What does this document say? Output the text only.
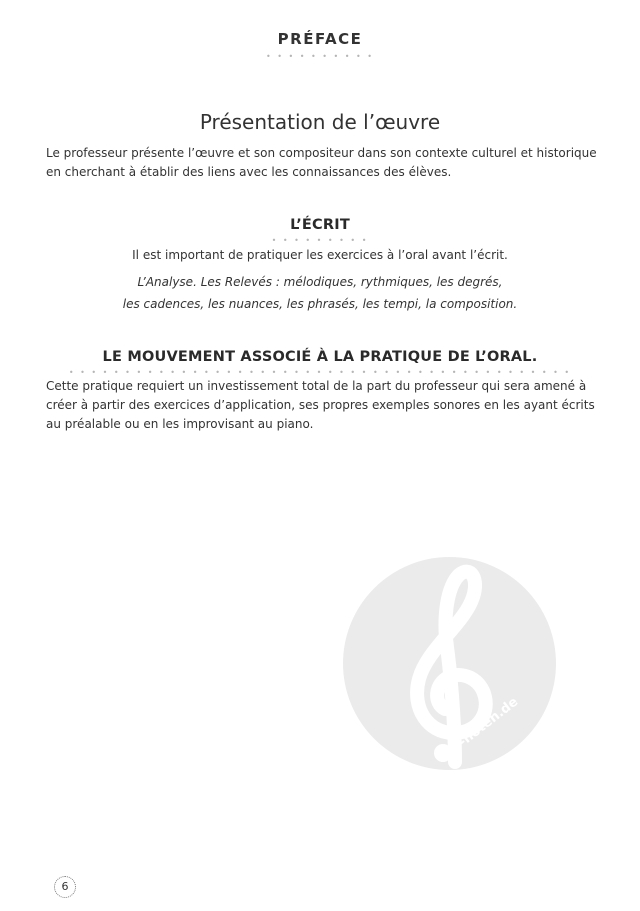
PRÉFACE
• • • • • • • • • •
Présentation de l’œuvre
Le professeur présente l’œuvre et son compositeur dans son contexte culturel et historique
en cherchant à établir des liens avec les connaissances des élèves.
L’ÉCRIT
• • • • • • • • •
Il est important de pratiquer les exercices à l’oral avant l’écrit.
L’Analyse. Les Relevés : mélodiques, rythmiques, les degrés,
les cadences, les nuances, les phrasés, les tempi, la composition.
LE MOUVEMENT ASSOCIÉ À LA PRATIQUE DE L’ORAL.
• • • • • • • • • • • • • • • • • • • • • • • • • • • • • • • • • • • • • • • • • • • • •
Cette pratique requiert un investissement total de la part du professeur qui sera amené à
créer à partir des exercices d’application, ses propres exemples sonores en les ayant écrits
au préalable ou en les improvisant au piano.
alle-noten.de
6
